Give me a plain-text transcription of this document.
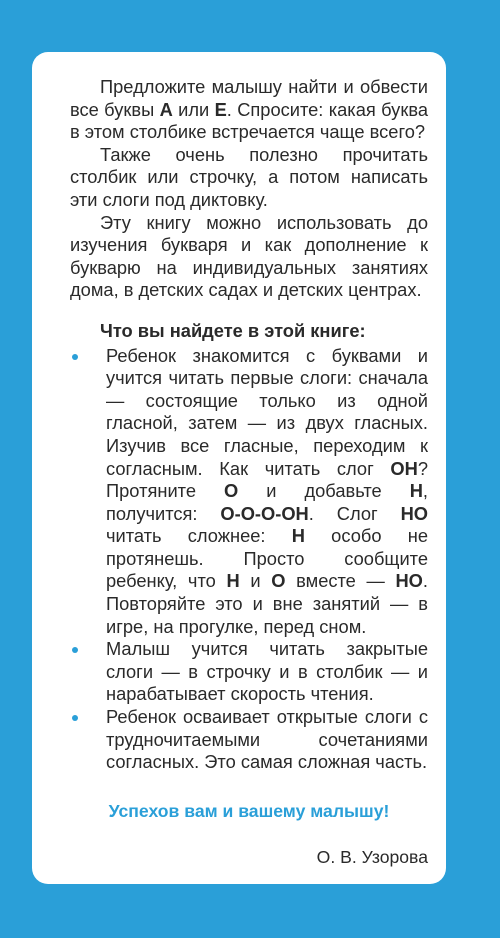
Предложите малышу найти и обвести все буквы А или Е. Спросите: какая буква в этом столбике встречается чаще всего?

Также очень полезно прочитать столбик или строчку, а потом написать эти слоги под диктовку.

Эту книгу можно использовать до изучения букваря и как дополнение к букварю на индивидуальных занятиях дома, в детских садах и детских центрах.

Что вы найдете в этой книге:

Ребенок знакомится с буквами и учится читать первые слоги: сначала — состоящие только из одной гласной, затем — из двух гласных. Изучив все гласные, переходим к согласным. Как читать слог ОН? Протяните О и добавьте Н, получится: О-О-О-ОН. Слог НО читать сложнее: Н особо не протянешь. Просто сообщите ребенку, что Н и О вместе — НО. Повторяйте это и вне занятий — в игре, на прогулке, перед сном.
Малыш учится читать закрытые слоги — в строчку и в столбик — и нарабатывает скорость чтения.
Ребенок осваивает открытые слоги с трудночитаемыми сочетаниями согласных. Это самая сложная часть.

Успехов вам и вашему малышу!

О. В. Узорова
